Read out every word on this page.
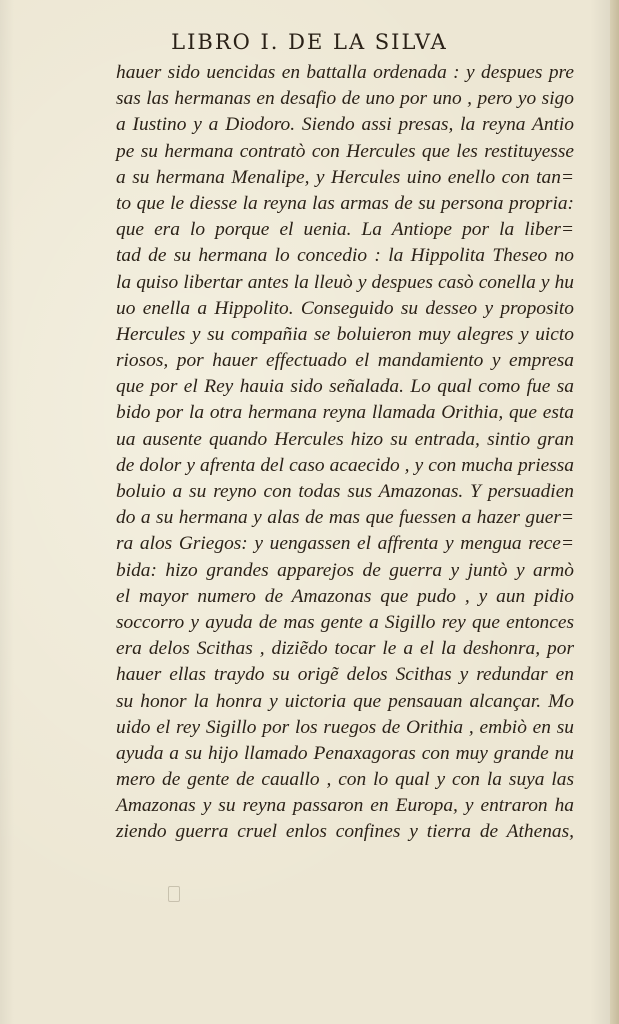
LIBRO I. DE LA SILVA
hauer sido uencidas en battalla ordenada : y despues pre
sas las hermanas en desafio de uno por uno , pero yo sigo
a Iustino y a Diodoro. Siendo assi presas, la reyna Antio
pe su hermana contratò con Hercules que les restituyesse
a su hermana Menalipe, y Hercules uino enello con tan=
to que le diesse la reyna las armas de su persona propria:
que era lo porque el uenia. La Antiope por la liber=
tad de su hermana lo concedio : la Hippolita Theseo no
la quiso libertar antes la lleuò y despues casò conella y hu
uo enella a Hippolito. Conseguido su desseo y proposito
Hercules y su compañia se boluieron muy alegres y uicto
riosos, por hauer effectuado el mandamiento y empresa
que por el Rey hauia sido señalada. Lo qual como fue sa
bido por la otra hermana reyna llamada Orithia, que esta
ua ausente quando Hercules hizo su entrada, sintio gran
de dolor y afrenta del caso acaecido , y con mucha priessa
boluio a su reyno con todas sus Amazonas. Y persuadien
do a su hermana y alas de mas que fuessen a hazer guer=
ra alos Griegos: y uengassen el affrenta y mengua rece=
bida: hizo grandes apparejos de guerra y juntò y armò
el mayor numero de Amazonas que pudo , y aun pidio
soccorro y ayuda de mas gente a Sigillo rey que entonces
era delos Scithas , diziẽdo tocar le a el la deshonra, por
hauer ellas traydo su origẽ delos Scithas y redundar en
su honor la honra y uictoria que pensauan alcançar. Mo
uido el rey Sigillo por los ruegos de Orithia , embiò en su
ayuda a su hijo llamado Penaxagoras con muy grande nu
mero de gente de cauallo , con lo qual y con la suya las
Amazonas y su reyna passaron en Europa, y entraron ha
ziendo guerra cruel enlos confines y tierra de Athenas,
